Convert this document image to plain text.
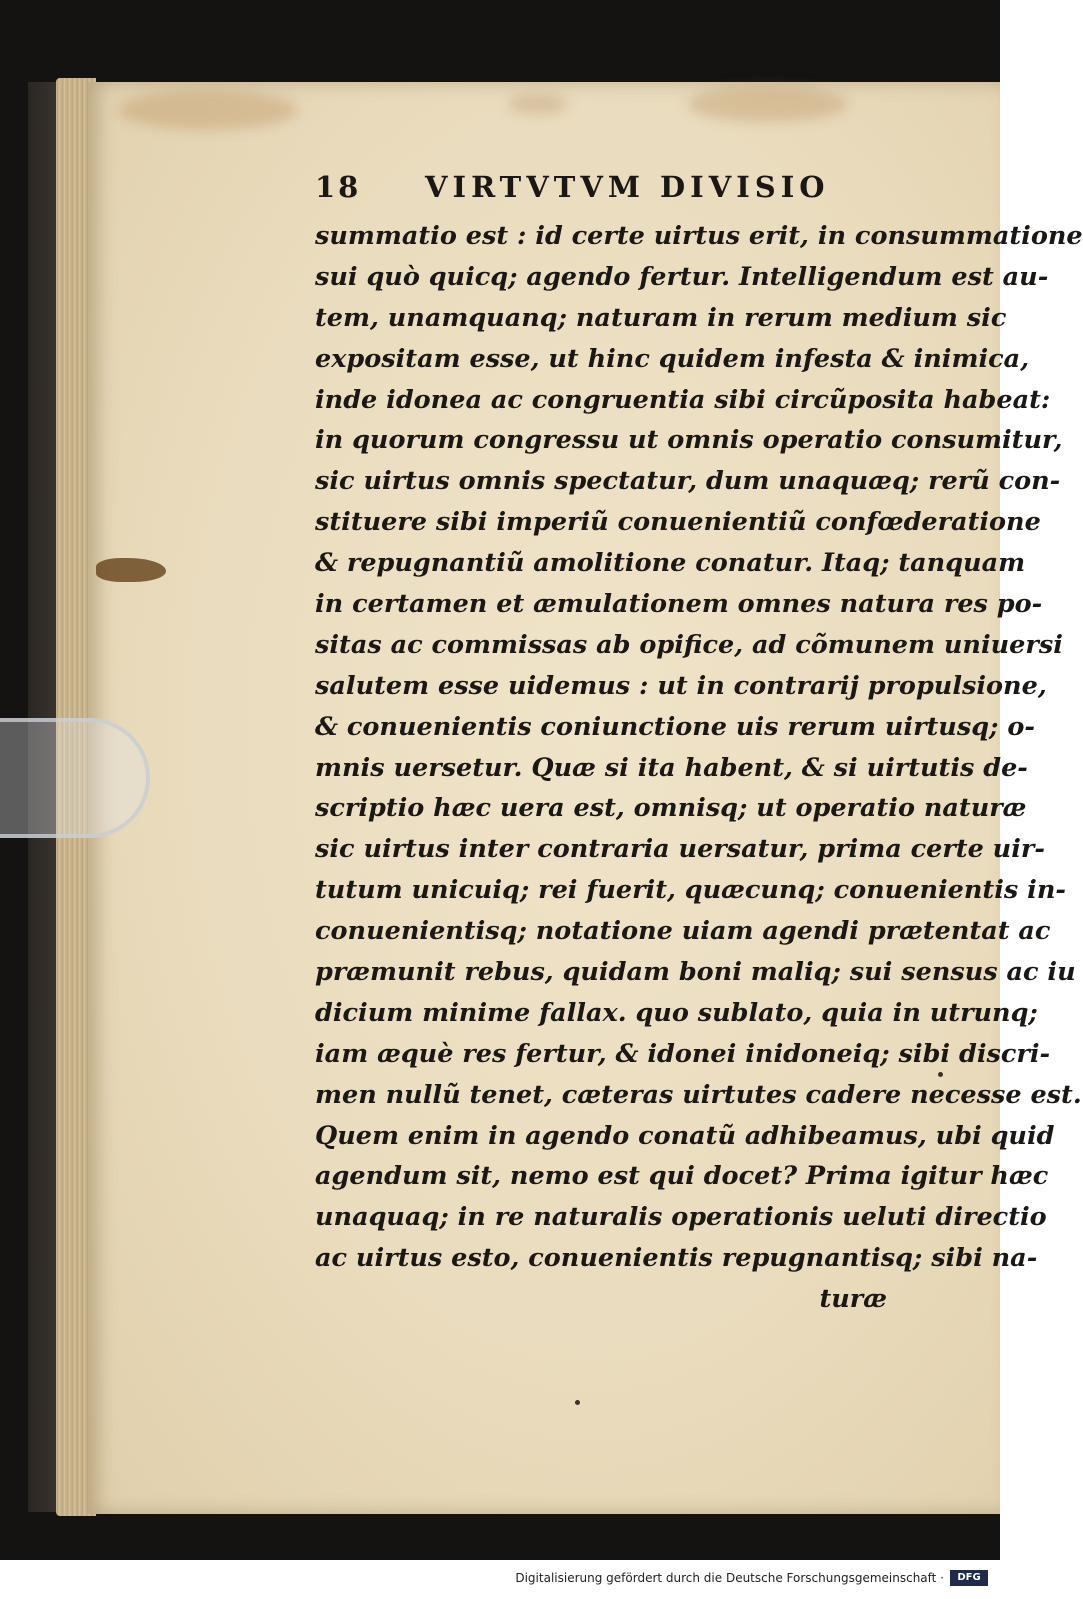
18	VIRTVTVM DIVISIO
summatio est : id certe uirtus erit, in consummatione
sui quò quicq; agendo fertur. Intelligendum est au-
tem, unamquanq; naturam in rerum medium sic
expositam esse, ut hinc quidem infesta & inimica,
inde idonea ac congruentia sibi circũposita habeat:
in quorum congressu ut omnis operatio consumitur,
sic uirtus omnis spectatur, dum unaquæq; rerũ con-
stituere sibi imperiũ conuenientiũ confœderatione
& repugnantiũ amolitione conatur. Itaq; tanquam
in certamen et æmulationem omnes natura res po-
sitas ac commissas ab opifice, ad cõmunem uniuersi
salutem esse uidemus : ut in contrarij propulsione,
& conuenientis coniunctione uis rerum uirtusq; o-
mnis uersetur. Quæ si ita habent, & si uirtutis de-
scriptio hæc uera est, omnisq; ut operatio naturæ
sic uirtus inter contraria uersatur, prima certe uir-
tutum unicuiq; rei fuerit, quæcunq; conuenientis in-
conuenientisq; notatione uiam agendi prætentat ac
præmunit rebus, quidam boni maliq; sui sensus ac iu
dicium minime fallax. quo sublato, quia in utrunq;
iam æquè res fertur, & idonei inidoneiq; sibi discri-
men nullũ tenet, cæteras uirtutes cadere necesse est.
Quem enim in agendo conatũ adhibeamus, ubi quid
agendum sit, nemo est qui docet? Prima igitur hæc
unaquaq; in re naturalis operationis ueluti directio
ac uirtus esto, conuenientis repugnantisq; sibi na-
turæ
Digitalisierung gefördert durch die Deutsche Forschungsgemeinschaft ·	DFG
